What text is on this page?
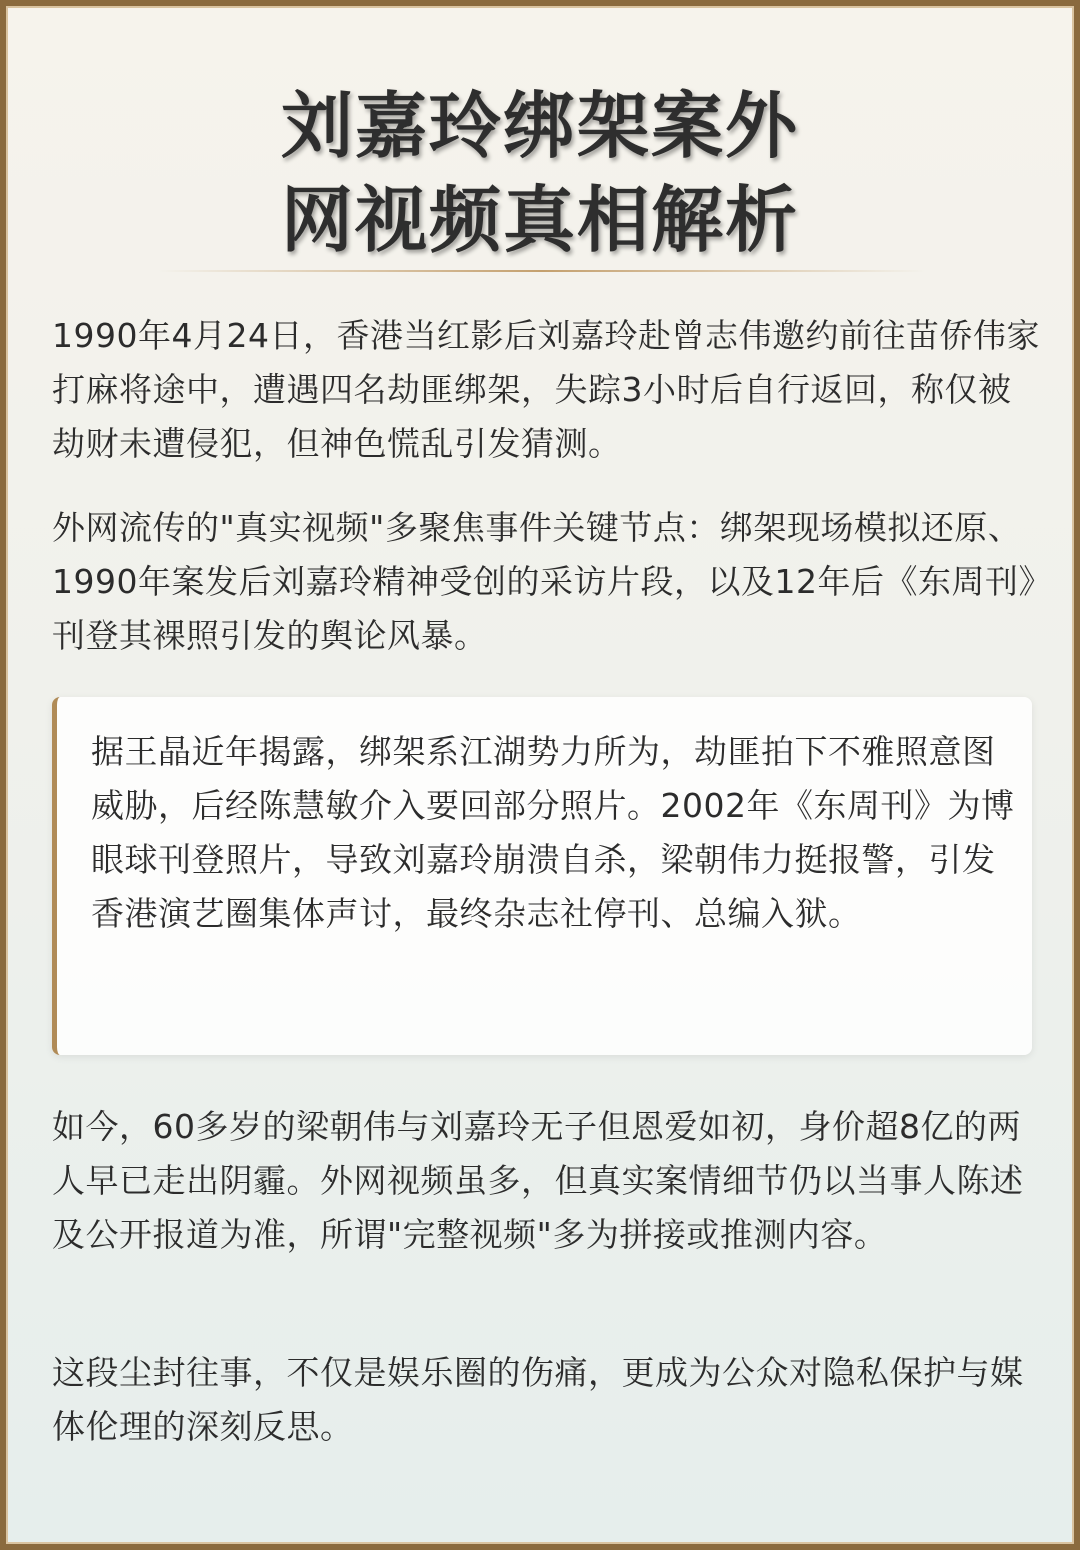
刘嘉玲绑架案外
网视频真相解析

1990年4月24日，香港当红影后刘嘉玲赴曾志伟邀约前往苗侨伟家打麻将途中，遭遇四名劫匪绑架，失踪3小时后自行返回，称仅被劫财未遭侵犯，但神色慌乱引发猜测。

外网流传的"真实视频"多聚焦事件关键节点：绑架现场模拟还原、1990年案发后刘嘉玲精神受创的采访片段，以及12年后《东周刊》刊登其裸照引发的舆论风暴。

据王晶近年揭露，绑架系江湖势力所为，劫匪拍下不雅照意图威胁，后经陈慧敏介入要回部分照片。2002年《东周刊》为博眼球刊登照片，导致刘嘉玲崩溃自杀，梁朝伟力挺报警，引发香港演艺圈集体声讨，最终杂志社停刊、总编入狱。

如今，60多岁的梁朝伟与刘嘉玲无子但恩爱如初，身价超8亿的两人早已走出阴霾。外网视频虽多，但真实案情细节仍以当事人陈述及公开报道为准，所谓"完整视频"多为拼接或推测内容。

这段尘封往事，不仅是娱乐圈的伤痛，更成为公众对隐私保护与媒体伦理的深刻反思。
